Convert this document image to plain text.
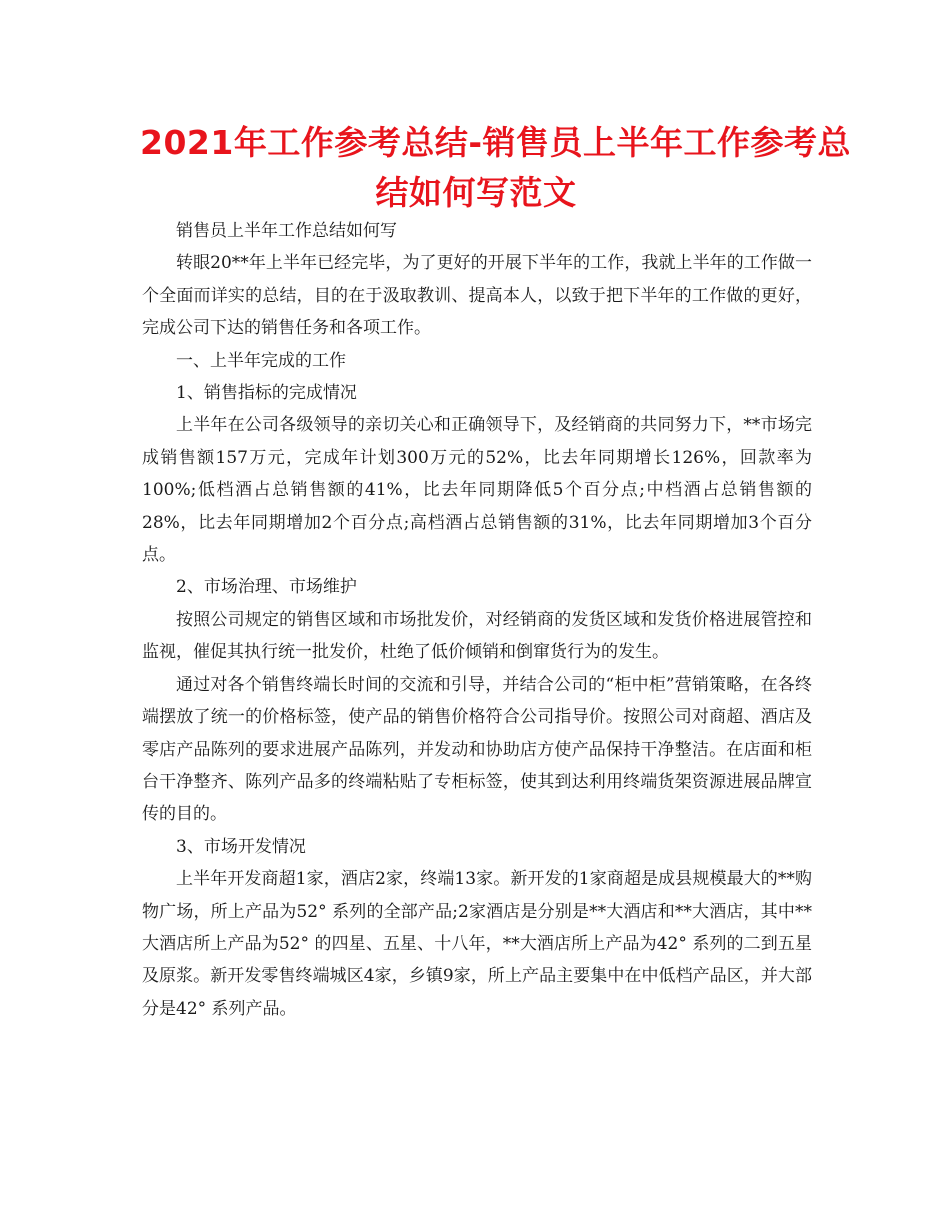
2021年工作参考总结-销售员上半年工作参考总
结如何写范文

销售员上半年工作总结如何写

转眼20**年上半年已经完毕，为了更好的开展下半年的工作，我就上半年的工作做一个全面而详实的总结，目的在于汲取教训、提高本人，以致于把下半年的工作做的更好，完成公司下达的销售任务和各项工作。

一、上半年完成的工作

1、销售指标的完成情况

上半年在公司各级领导的亲切关心和正确领导下，及经销商的共同努力下，**市场完成销售额157万元，完成年计划300万元的52%，比去年同期增长126%，回款率为100%;低档酒占总销售额的41%，比去年同期降低5个百分点;中档酒占总销售额的28%，比去年同期增加2个百分点;高档酒占总销售额的31%，比去年同期增加3个百分点。

2、市场治理、市场维护

按照公司规定的销售区域和市场批发价，对经销商的发货区域和发货价格进展管控和监视，催促其执行统一批发价，杜绝了低价倾销和倒窜货行为的发生。

通过对各个销售终端长时间的交流和引导，并结合公司的“柜中柜”营销策略，在各终端摆放了统一的价格标签，使产品的销售价格符合公司指导价。按照公司对商超、酒店及零店产品陈列的要求进展产品陈列，并发动和协助店方使产品保持干净整洁。在店面和柜台干净整齐、陈列产品多的终端粘贴了专柜标签，使其到达利用终端货架资源进展品牌宣传的目的。

3、市场开发情况

上半年开发商超1家，酒店2家，终端13家。新开发的1家商超是成县规模最大的**购物广场，所上产品为52° 系列的全部产品;2家酒店是分别是**大酒店和**大酒店，其中**大酒店所上产品为52° 的四星、五星、十八年，**大酒店所上产品为42° 系列的二到五星及原浆。新开发零售终端城区4家，乡镇9家，所上产品主要集中在中低档产品区，并大部分是42° 系列产品。
